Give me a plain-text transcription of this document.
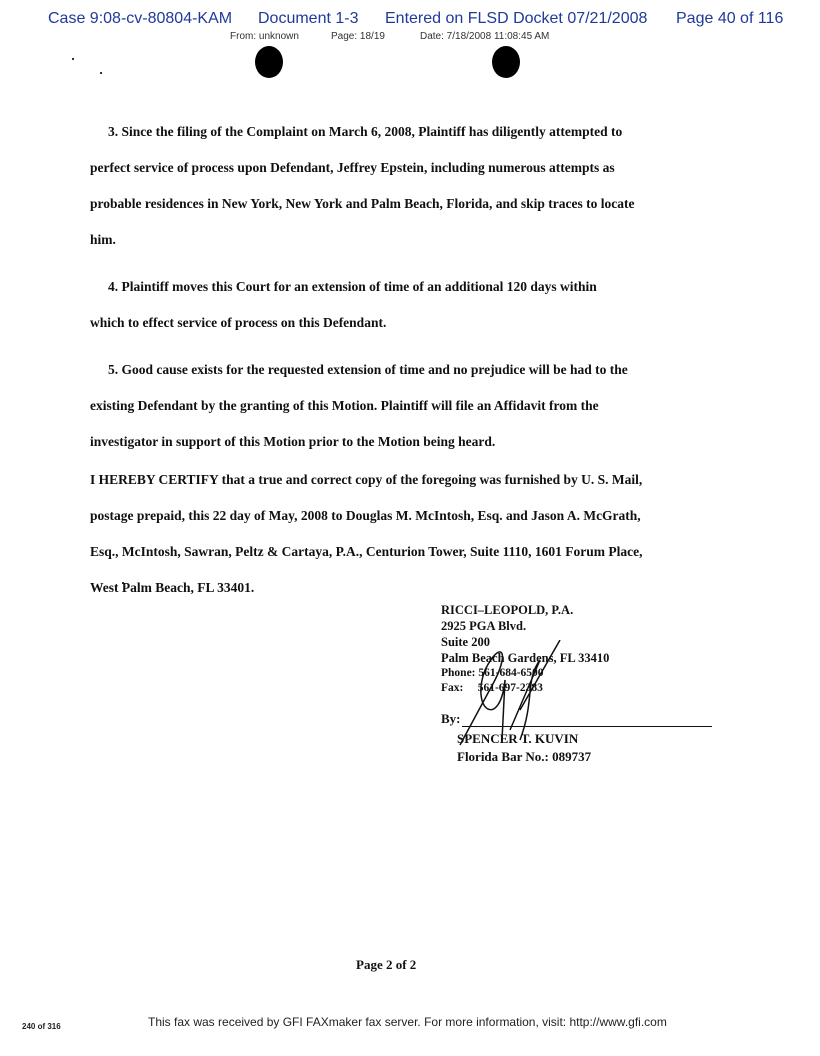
Case 9:08-cv-80804-KAM Document 1-3 Entered on FLSD Docket 07/21/2008 Page 40 of 116
From: unknown	Page: 18/19	Date: 7/18/2008 11:08:45 AM
3. Since the filing of the Complaint on March 6, 2008, Plaintiff has diligently attempted to
perfect service of process upon Defendant, Jeffrey Epstein, including numerous attempts as
probable residences in New York, New York and Palm Beach, Florida, and skip traces to locate
him.
4. Plaintiff moves this Court for an extension of time of an additional 120 days within
which to effect service of process on this Defendant.
5. Good cause exists for the requested extension of time and no prejudice will be had to the
existing Defendant by the granting of this Motion. Plaintiff will file an Affidavit from the
investigator in support of this Motion prior to the Motion being heard.
I HEREBY CERTIFY that a true and correct copy of the foregoing was furnished by U. S. Mail,
postage prepaid, this 22 day of May, 2008 to Douglas M. McIntosh, Esq. and Jason A. McGrath,
Esq., McIntosh, Sawran, Peltz & Cartaya, P.A., Centurion Tower, Suite 1110, 1601 Forum Place,
West Palm Beach, FL 33401.
RICCI–LEOPOLD, P.A.
2925 PGA Blvd.
Suite 200
Palm Beach Gardens, FL 33410
Phone: 561-684-6500
Fax:     561-697-2383
By:
SPENCER T. KUVIN
Florida Bar No.: 089737
Page 2 of 2
240 of 316	This fax was received by GFI FAXmaker fax server. For more information, visit: http://www.gfi.com
